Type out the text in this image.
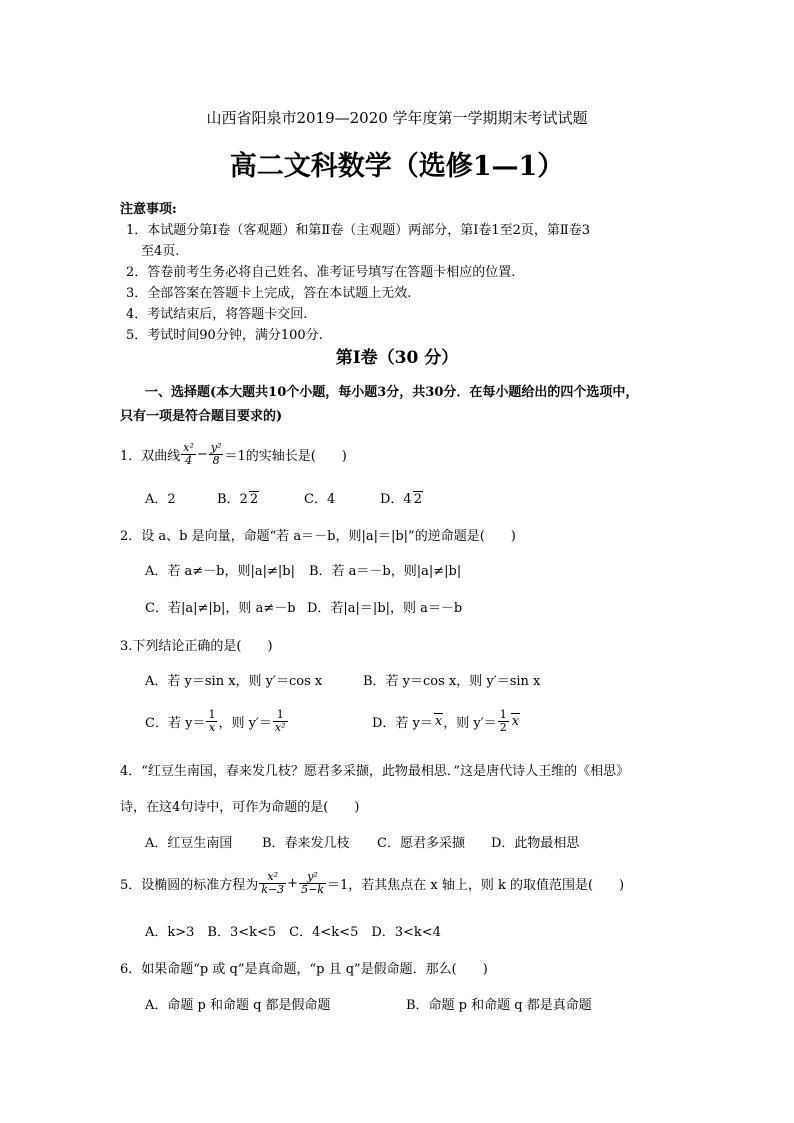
山西省阳泉市2019—2020 学年度第一学期期末考试试题
高二文科数学（选修1—1）
注意事项:
1．本试题分第Ⅰ卷（客观题）和第Ⅱ卷（主观题）两部分，第Ⅰ卷1至2页，第Ⅱ卷3
至4页.
2．答卷前考生务必将自己姓名、准考证号填写在答题卡相应的位置.
3．全部答案在答题卡上完成，答在本试题上无效.
4．考试结束后，将答题卡交回.
5．考试时间90分钟，满分100分.
第Ⅰ卷（30 分）
一、选择题(本大题共10个小题，每小题3分，共30分．在每小题给出的四个选项中，
只有一项是符合题目要求的)
1．双曲线 $\frac{\text{x²}}{4} - \frac{\text{y²}}{8} =1$的实轴长是(　　)
A．2	B．2 2	C．4	D．4 2
2．设 a、b 是向量，命题“若 a＝－b，则|a|＝|b|”的逆命题是(　　)
A．若 a≠－b，则|a|≠|b| B．若 a＝－b，则|a|≠|b|
C．若|a|≠|b|，则 a≠－b D．若|a|＝|b|，则 a＝－b
3.下列结论正确的是(　　)
A．若 y＝sin x，则 y′＝cos x	B．若 y＝cos x，则 y′＝sin x
C．若 $y= \frac{1}{x}$ ，则 $y'= \frac{1}{\text{x²}}$	D．若 y＝ x ，则 $y'= \frac{1}{2}$ x
4．“红豆生南国，春来发几枝？愿君多采撷，此物最相思．”这是唐代诗人王维的《相思》
诗，在这4句诗中，可作为命题的是(　　)
A．红豆生南国 B．春来发几枝 C．愿君多采撷 D．此物最相思
5．设椭圆的标准方程为 $\frac{\text{x²}}{k-3} + \frac{\text{y²}}{5-k} =1$，若其焦点在 x 轴上，则 k 的取值范围是(　　)
A．k>3　B．3<k<5　C．4<k<5　D．3<k<4
6．如果命题“p 或 q”是真命题，“p 且 q”是假命题．那么(　　)
A．命题 p 和命题 q 都是假命题	B．命题 p 和命题 q 都是真命题
